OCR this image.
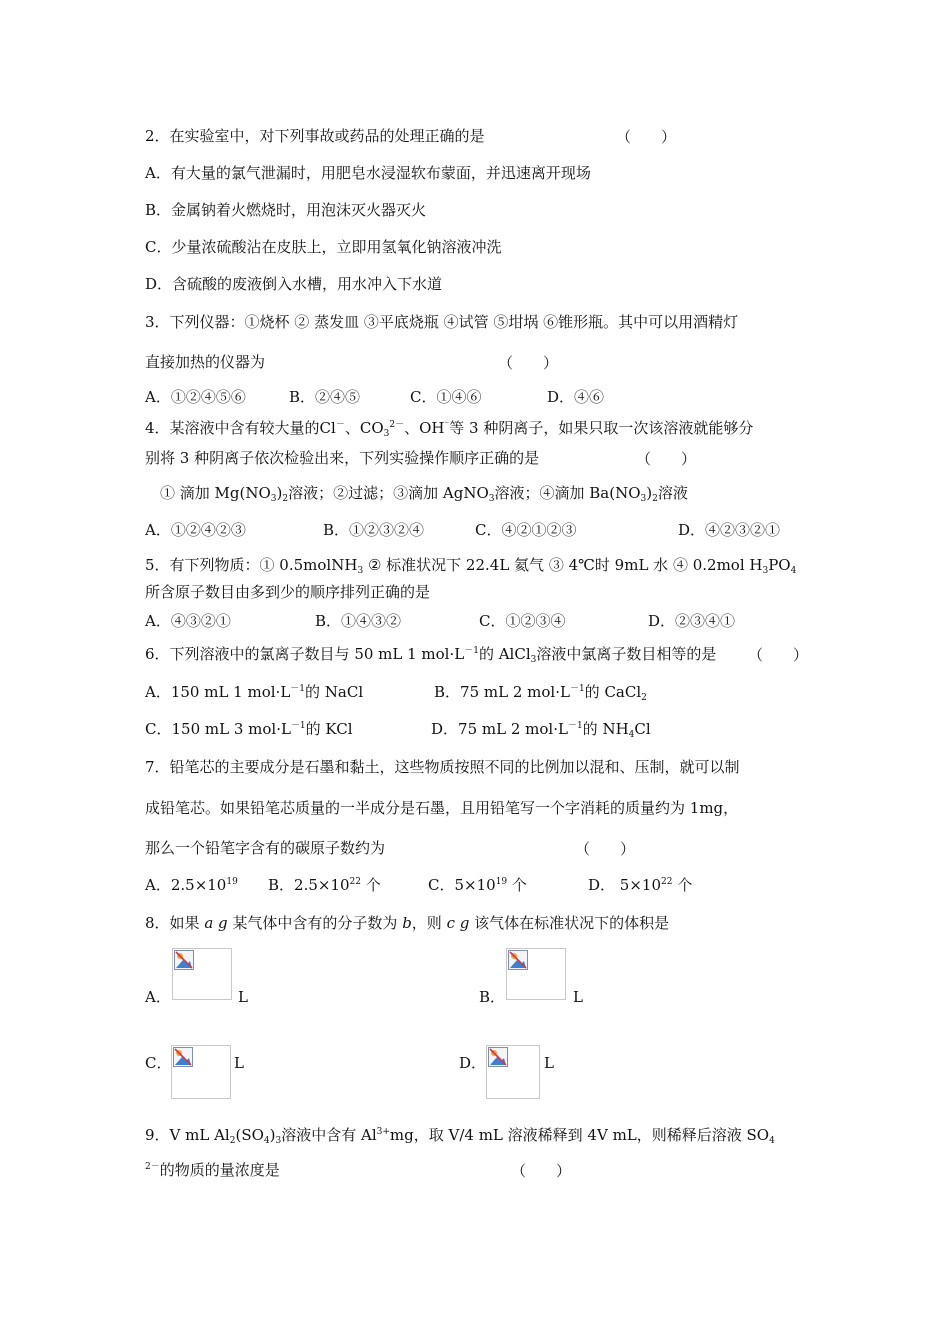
2．在实验室中，对下列事故或药品的处理正确的是	（　　）
A．有大量的氯气泄漏时，用肥皂水浸湿软布蒙面，并迅速离开现场
B．金属钠着火燃烧时，用泡沫灭火器灭火
C．少量浓硫酸沾在皮肤上，立即用氢氧化钠溶液冲洗
D．含硫酸的废液倒入水槽，用水冲入下水道
3．下列仪器：①烧杯 ② 蒸发皿 ③平底烧瓶 ④试管 ⑤坩埚 ⑥锥形瓶。其中可以用酒精灯
直接加热的仪器为	（　　）
A．①②④⑤⑥	B．②④⑤	C．①④⑥	D．④⑥
4．某溶液中含有较大量的Cl－、$CO_3^{2-}$、OH⁻等 3 种阴离子，如果只取一次该溶液就能够分
别将 3 种阴离子依次检验出来，下列实验操作顺序正确的是	（　　）
① 滴加 $Mg(NO_3)_2$溶液；②过滤；③滴加 AgNO$_3$溶液；④滴加 $Ba(NO_3)_2$溶液
A．①②④②③	B．①②③②④	C．④②①②③	D．④②③②①
5．有下列物质：① 0.5molNH$_3$ ② 标准状况下 22.4L 氦气 ③ 4℃时 9mL 水 ④ 0.2mol $H_3PO_4$
所含原子数目由多到少的顺序排列正确的是
A．④③②①	B．①④③②	C．①②③④	D．②③④①
6．下列溶液中的氯离子数目与 50 mL 1 $mol\cdot L^{-1}$的 AlCl$_3$溶液中氯离子数目相等的是 （　　）
A．150 mL 1 $mol\cdot L^{-1}$的 NaCl	B．75 mL 2 $mol\cdot L^{-1}$的 CaCl$_2$
C．150 mL 3 $mol\cdot L^{-1}$的 KCl	D．75 mL 2 $mol\cdot L^{-1}$的 $NH_4Cl$
7．铅笔芯的主要成分是石墨和黏土，这些物质按照不同的比例加以混和、压制，就可以制
成铅笔芯。如果铅笔芯质量的一半成分是石墨，且用铅笔写一个字消耗的质量约为 1mg，
那么一个铅笔字含有的碳原子数约为	（　　）
A．$2.5\times 10^{19}$ B．$2.5\times 10^{22}$ 个	C．$5\times 10^{19}$ 个	D． $5\times 10^{22}$ 个
8．如果 a g 某气体中含有的分子数为 b，则 c g 该气体在标准状况下的体积是
A．	L	B．	L
C．	L	D．	L
9．V mL $Al_2(SO_4)_3$溶液中含有 $Al^{3+}mg$，取 V/4 mL 溶液稀释到 4V mL，则稀释后溶液 $SO_4$
$^{2-}$的物质的量浓度是	（　　）
